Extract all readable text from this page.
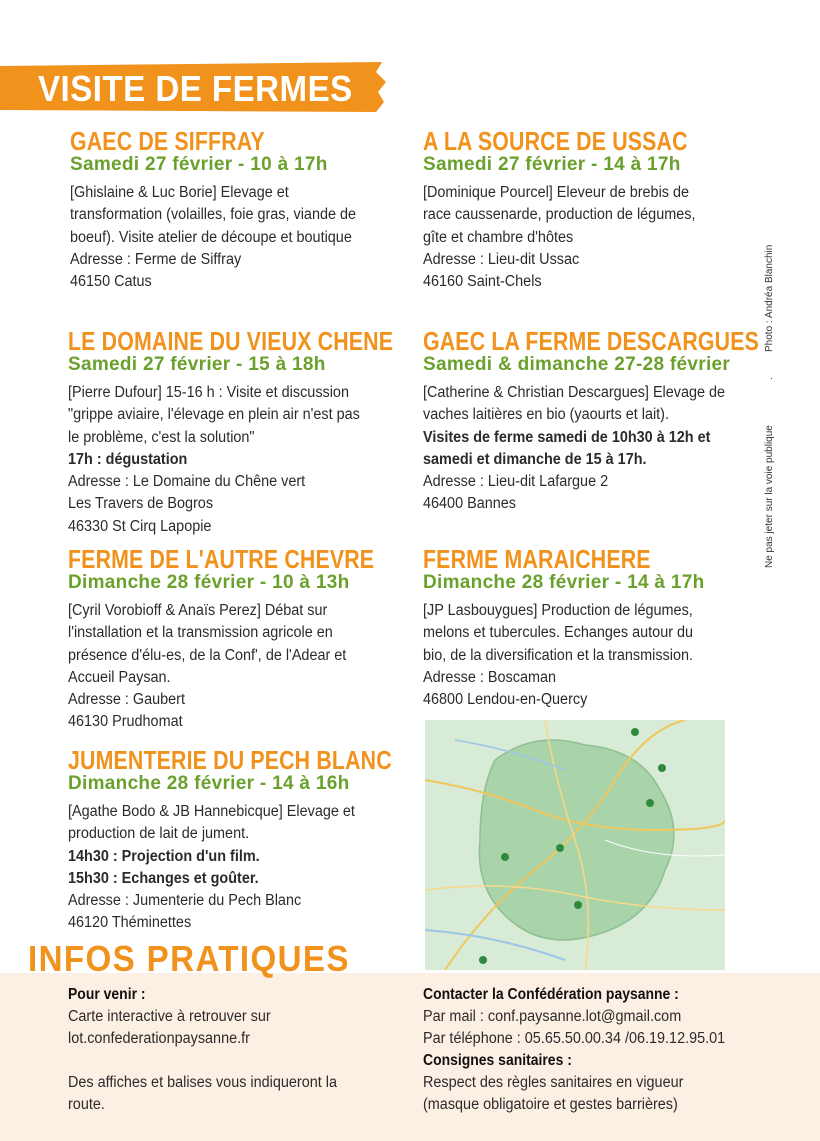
VISITE DE FERMES
GAEC DE SIFFRAY
Samedi 27 février - 10 à 17h
[Ghislaine & Luc Borie] Elevage et
transformation (volailles, foie gras, viande de
boeuf). Visite atelier de découpe et boutique
Adresse : Ferme de Siffray
46150 Catus
A LA SOURCE DE USSAC
Samedi 27 février - 14 à 17h
[Dominique Pourcel] Eleveur de brebis de
race caussenarde, production de légumes,
gîte et chambre d'hôtes
Adresse : Lieu-dit Ussac
46160 Saint-Chels
LE DOMAINE DU VIEUX CHENE
Samedi 27 février - 15 à 18h
[Pierre Dufour] 15-16 h : Visite et discussion
"grippe aviaire, l'élevage en plein air n'est pas
le problème, c'est la solution"
17h : dégustation
Adresse : Le Domaine du Chêne vert
Les Travers de Bogros
46330 St Cirq Lapopie
GAEC LA FERME DESCARGUES
Samedi & dimanche 27-28 février
[Catherine & Christian Descargues] Elevage de
vaches laitières en bio (yaourts et lait).
Visites de ferme samedi de 10h30 à 12h et
samedi et dimanche de 15 à 17h.
Adresse : Lieu-dit Lafargue 2
46400 Bannes
FERME DE L'AUTRE CHEVRE
Dimanche 28 février - 10 à 13h
[Cyril Vorobioff & Anaïs Perez] Débat sur
l'installation et la transmission agricole en
présence d'élu-es, de la Conf', de l'Adear et
Accueil Paysan.
Adresse : Gaubert
46130 Prudhomat
FERME MARAICHERE
Dimanche 28 février - 14 à 17h
[JP Lasbouygues] Production de légumes,
melons et tubercules. Echanges autour du
bio, de la diversification et la transmission.
Adresse : Boscaman
46800 Lendou-en-Quercy
JUMENTERIE DU PECH BLANC
Dimanche 28 février - 14 à 16h
[Agathe Bodo & JB Hannebicque] Elevage et
production de lait de jument.
14h30 : Projection d'un film.
15h30 : Echanges et goûter.
Adresse : Jumenterie du Pech Blanc
46120 Théminettes
Photo : Andréa Blanchin
.
Ne pas jeter sur la voie publique
INFOS PRATIQUES
Pour venir :
Carte interactive à retrouver sur
lot.confederationpaysanne.fr
Des affiches et balises vous indiqueront la
route.
Contacter la Confédération paysanne :
Par mail : conf.paysanne.lot@gmail.com
Par téléphone : 05.65.50.00.34 /06.19.12.95.01
Consignes sanitaires :
Respect des règles sanitaires en vigueur
(masque obligatoire et gestes barrières)
